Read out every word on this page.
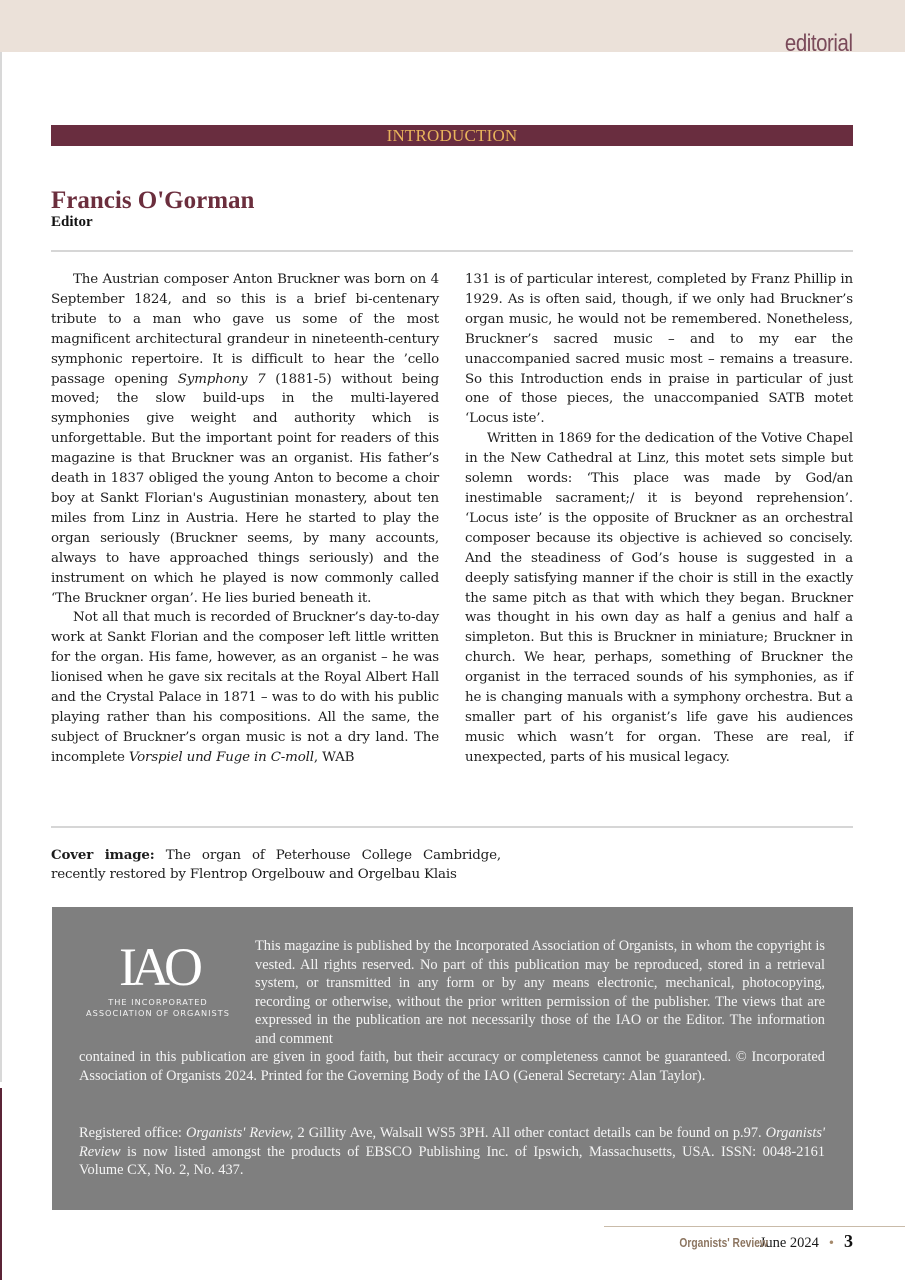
editorial
INTRODUCTION
Francis O'Gorman
Editor

The Austrian composer Anton Bruckner was born on 4 September 1824, and so this is a brief bi-centenary tribute to a man who gave us some of the most magnificent architectural grandeur in nineteenth-century symphonic repertoire. It is difficult to hear the ’cello passage opening Symphony 7 (1881-5) without being moved; the slow build-ups in the multi-layered symphonies give weight and authority which is unforgettable. But the important point for readers of this magazine is that Bruckner was an organist. His father’s death in 1837 obliged the young Anton to become a choir boy at Sankt Florian's Augustinian monastery, about ten miles from Linz in Austria. Here he started to play the organ seriously (Bruckner seems, by many accounts, always to have approached things seriously) and the instrument on which he played is now commonly called ‘The Bruckner organ’. He lies buried beneath it.

Not all that much is recorded of Bruckner’s day-to-day work at Sankt Florian and the composer left little written for the organ. His fame, however, as an organist – he was lionised when he gave six recitals at the Royal Albert Hall and the Crystal Palace in 1871 – was to do with his public playing rather than his compositions. All the same, the subject of Bruckner’s organ music is not a dry land. The incomplete Vorspiel und Fuge in C-moll, WAB

131 is of particular interest, completed by Franz Phillip in 1929. As is often said, though, if we only had Bruckner’s organ music, he would not be remembered. Nonetheless, Bruckner’s sacred music – and to my ear the unaccompanied sacred music most – remains a treasure. So this Introduction ends in praise in particular of just one of those pieces, the unaccompanied SATB motet ‘Locus iste’.

Written in 1869 for the dedication of the Votive Chapel in the New Cathedral at Linz, this motet sets simple but solemn words: ‘This place was made by God/an inestimable sacrament;/ it is beyond reprehension’. ‘Locus iste’ is the opposite of Bruckner as an orchestral composer because its objective is achieved so concisely. And the steadiness of God’s house is suggested in a deeply satisfying manner if the choir is still in the exactly the same pitch as that with which they began. Bruckner was thought in his own day as half a genius and half a simpleton. But this is Bruckner in miniature; Bruckner in church. We hear, perhaps, something of Bruckner the organist in the terraced sounds of his symphonies, as if he is changing manuals with a symphony orchestra. But a smaller part of his organist’s life gave his audiences music which wasn’t for organ. These are real, if unexpected, parts of his musical legacy.

Cover image: The organ of Peterhouse College Cambridge, recently restored by Flentrop Orgelbouw and Orgelbau Klais
IAO
THE INCORPORATED
ASSOCIATION OF ORGANISTS
This magazine is published by the Incorporated Association of Organists, in whom the copyright is vested. All rights reserved. No part of this publication may be reproduced, stored in a retrieval system, or transmitted in any form or by any means electronic, mechanical, photocopying, recording or otherwise, without the prior written permission of the publisher. The views that are expressed in the publication are not necessarily those of the IAO or the Editor. The information and comment
contained in this publication are given in good faith, but their accuracy or completeness cannot be guaranteed. © Incorporated Association of Organists 2024. Printed for the Governing Body of the IAO (General Secretary: Alan Taylor).
Registered office: Organists' Review, 2 Gillity Ave, Walsall WS5 3PH. All other contact details can be found on p.97. Organists' Review is now listed amongst the products of EBSCO Publishing Inc. of Ipswich, Massachusetts, USA. ISSN: 0048-2161 Volume CX, No. 2, No. 437.
Organists' Review
June 2024 • 3
